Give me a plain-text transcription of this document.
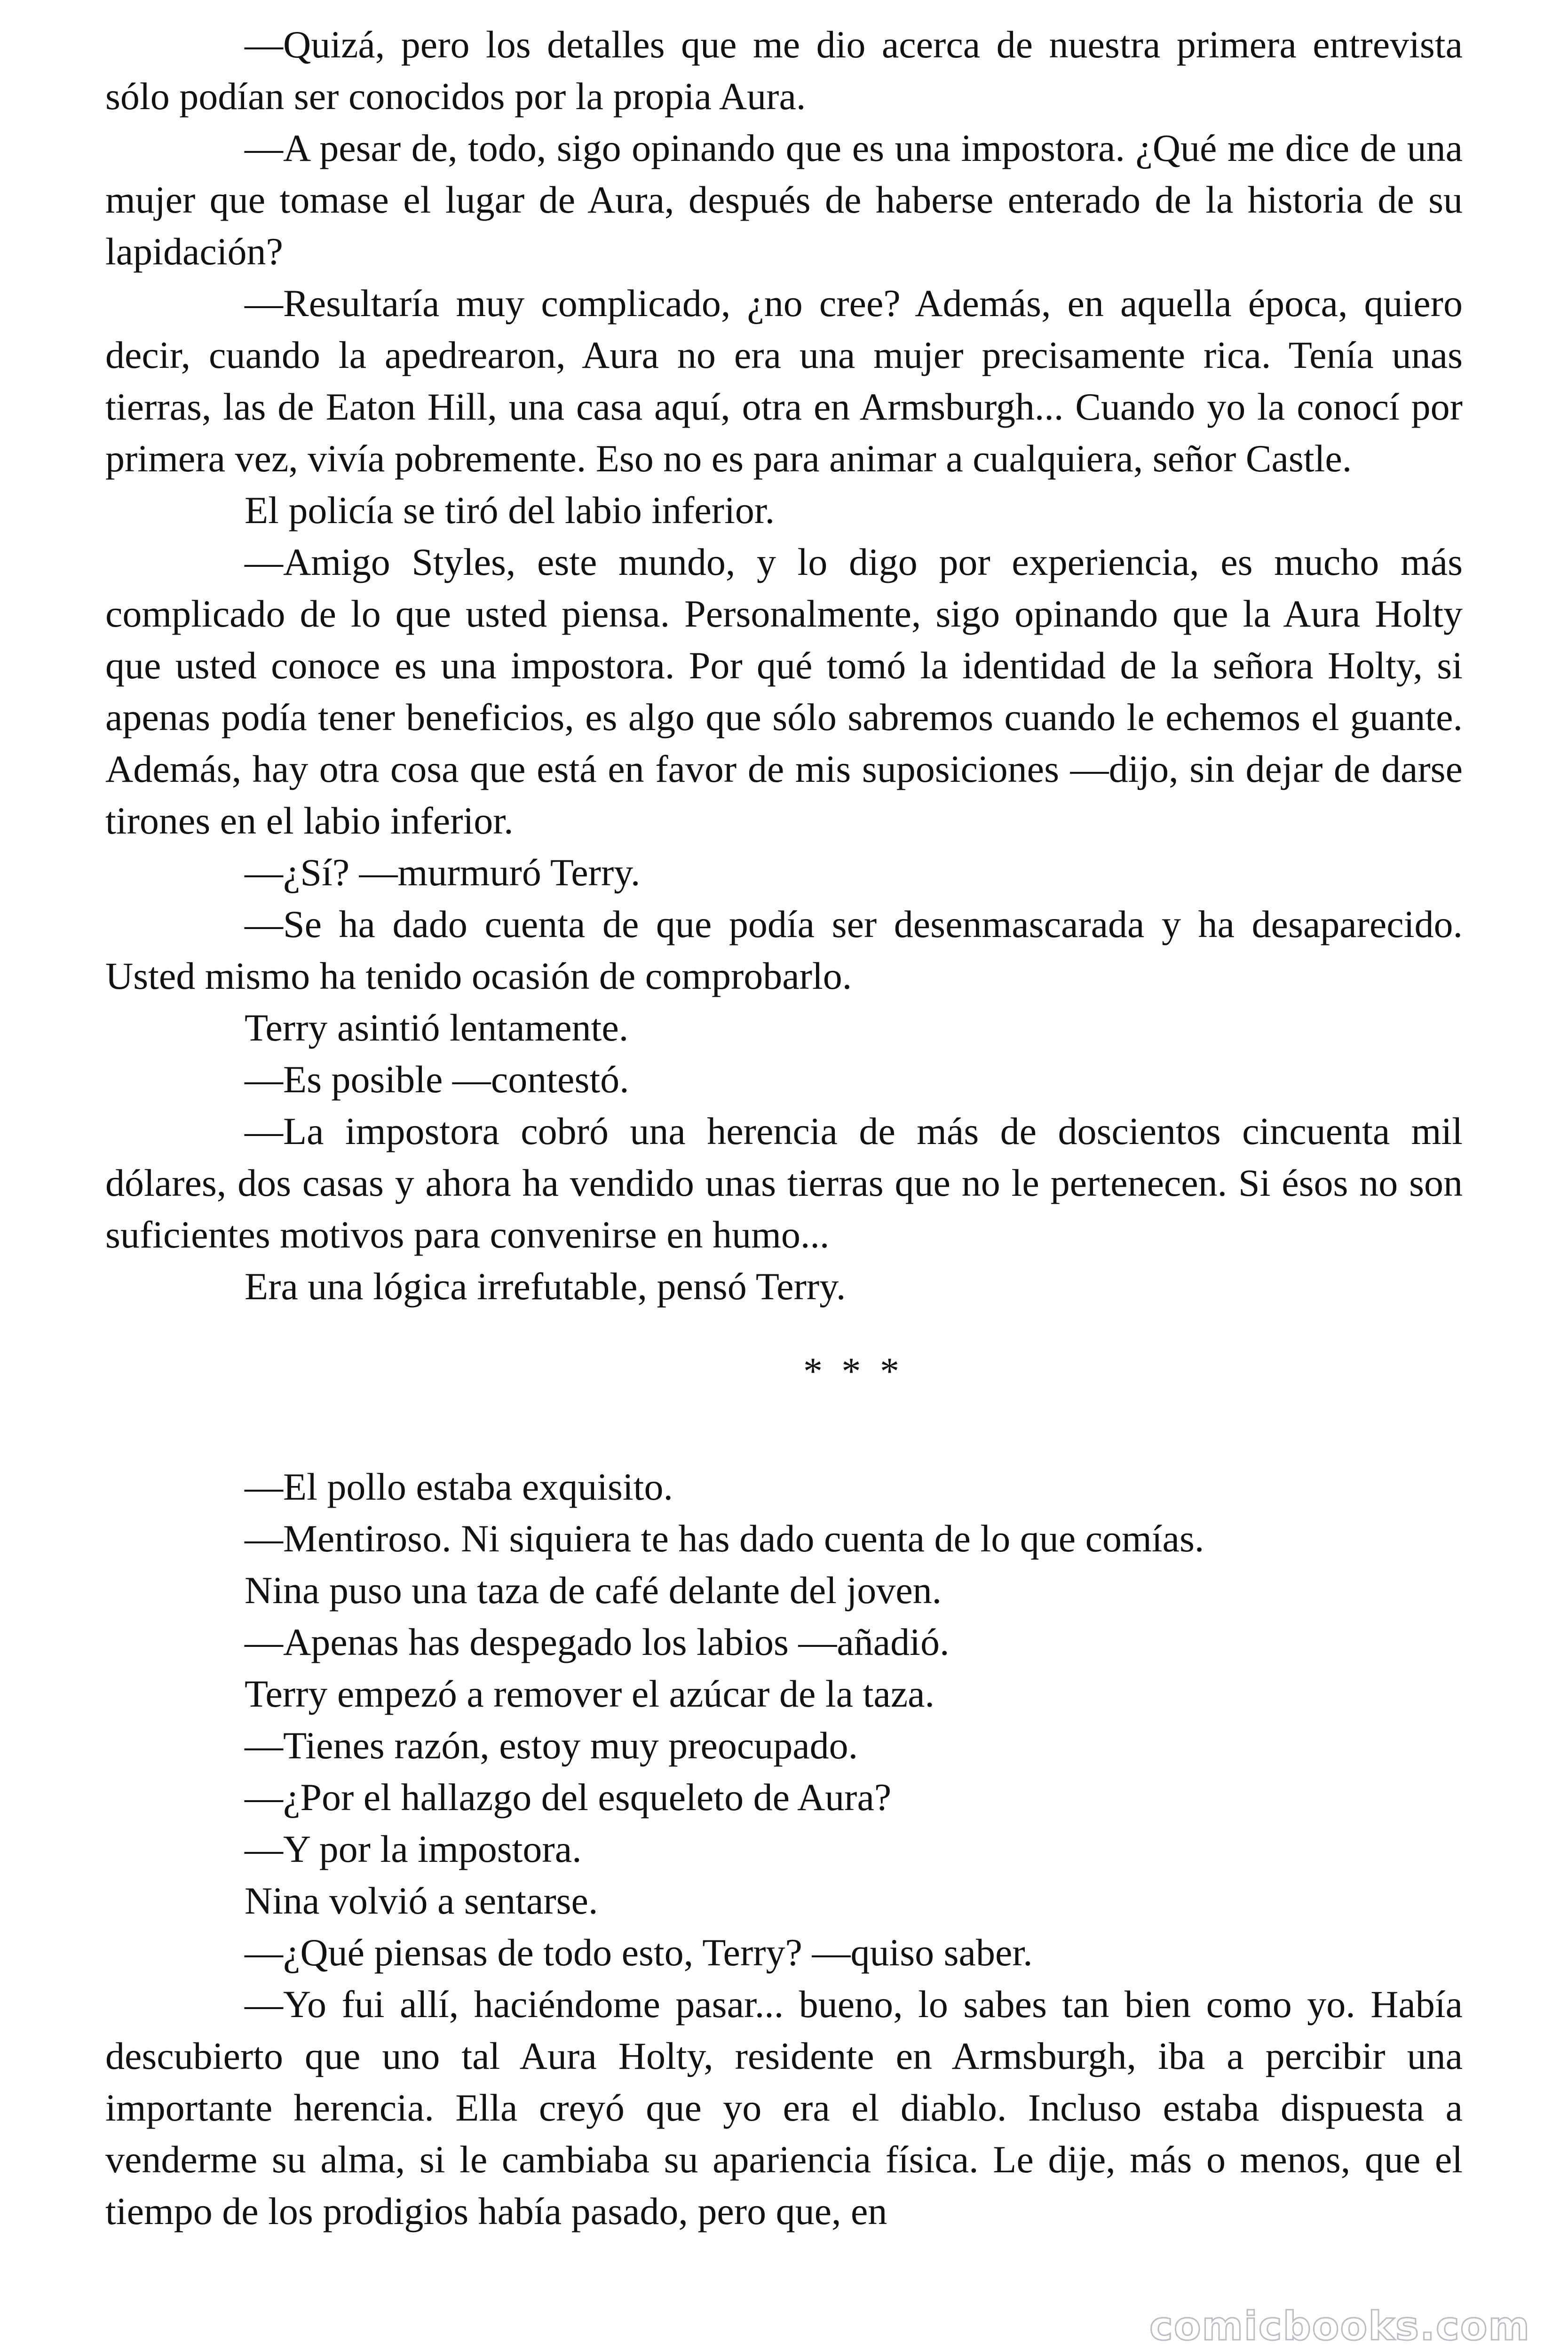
—Quizá, pero los detalles que me dio acerca de nuestra primera entrevista sólo podían ser conocidos por la propia Aura.

—A pesar de, todo, sigo opinando que es una impostora. ¿Qué me dice de una mujer que tomase el lugar de Aura, después de haberse enterado de la historia de su lapidación?

—Resultaría muy complicado, ¿no cree? Además, en aquella época, quiero decir, cuando la apedrearon, Aura no era una mujer precisamente rica. Tenía unas tierras, las de Eaton Hill, una casa aquí, otra en Armsburgh... Cuando yo la conocí por primera vez, vivía pobremente. Eso no es para animar a cualquiera, señor Castle.

El policía se tiró del labio inferior.

—Amigo Styles, este mundo, y lo digo por experiencia, es mucho más complicado de lo que usted piensa. Personalmente, sigo opinando que la Aura Holty que usted conoce es una impostora. Por qué tomó la identidad de la señora Holty, si apenas podía tener beneficios, es algo que sólo sabremos cuando le echemos el guante. Además, hay otra cosa que está en favor de mis suposiciones —dijo, sin dejar de darse tirones en el labio inferior.

—¿Sí? —murmuró Terry.

—Se ha dado cuenta de que podía ser desenmascarada y ha desaparecido. Usted mismo ha tenido ocasión de comprobarlo.

Terry asintió lentamente.

—Es posible —contestó.

—La impostora cobró una herencia de más de doscientos cincuenta mil dólares, dos casas y ahora ha vendido unas tierras que no le pertenecen. Si ésos no son suficientes motivos para convenirse en humo...

Era una lógica irrefutable, pensó Terry.

* * *

—El pollo estaba exquisito.

—Mentiroso. Ni siquiera te has dado cuenta de lo que comías.

Nina puso una taza de café delante del joven.

—Apenas has despegado los labios —añadió.

Terry empezó a remover el azúcar de la taza.

—Tienes razón, estoy muy preocupado.

—¿Por el hallazgo del esqueleto de Aura?

—Y por la impostora.

Nina volvió a sentarse.

—¿Qué piensas de todo esto, Terry? —quiso saber.

—Yo fui allí, haciéndome pasar... bueno, lo sabes tan bien como yo. Había descubierto que uno tal Aura Holty, residente en Armsburgh, iba a percibir una importante herencia. Ella creyó que yo era el diablo. Incluso estaba dispuesta a venderme su alma, si le cambiaba su apariencia física. Le dije, más o menos, que el tiempo de los prodigios había pasado, pero que, en

comicbooks.com
